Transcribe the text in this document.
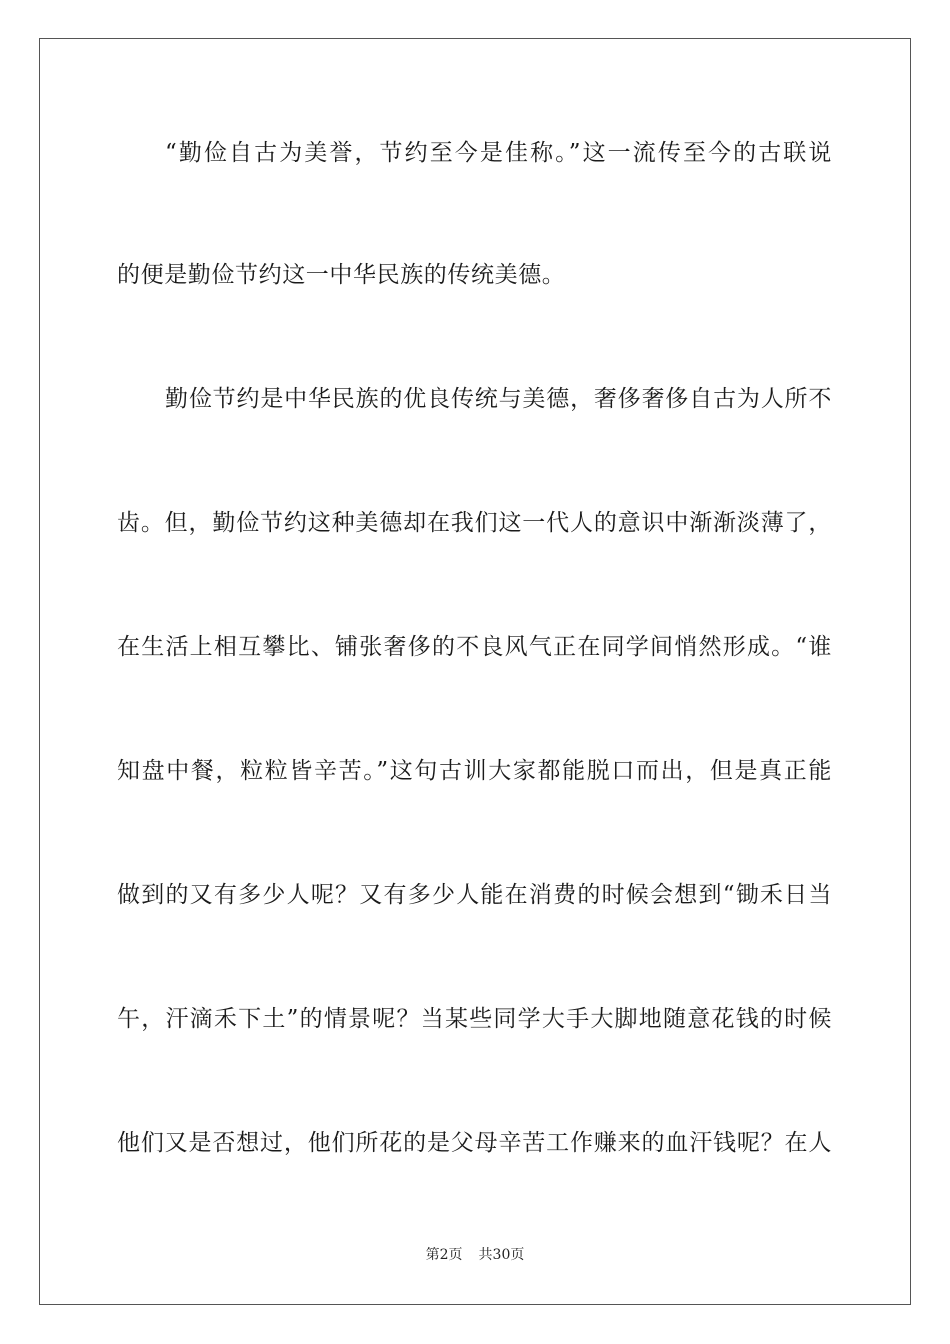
“勤俭自古为美誉，节约至今是佳称。”这一流传至今的古联说
的便是勤俭节约这一中华民族的传统美德。
勤俭节约是中华民族的优良传统与美德，奢侈奢侈自古为人所不
齿。但，勤俭节约这种美德却在我们这一代人的意识中渐渐淡薄了，
在生活上相互攀比、铺张奢侈的不良风气正在同学间悄然形成。“谁
知盘中餐，粒粒皆辛苦。”这句古训大家都能脱口而出，但是真正能
做到的又有多少人呢？又有多少人能在消费的时候会想到“锄禾日当
午，汗滴禾下土”的情景呢？当某些同学大手大脚地随意花钱的时候
他们又是否想过，他们所花的是父母辛苦工作赚来的血汗钱呢？在人
第2页 共30页
